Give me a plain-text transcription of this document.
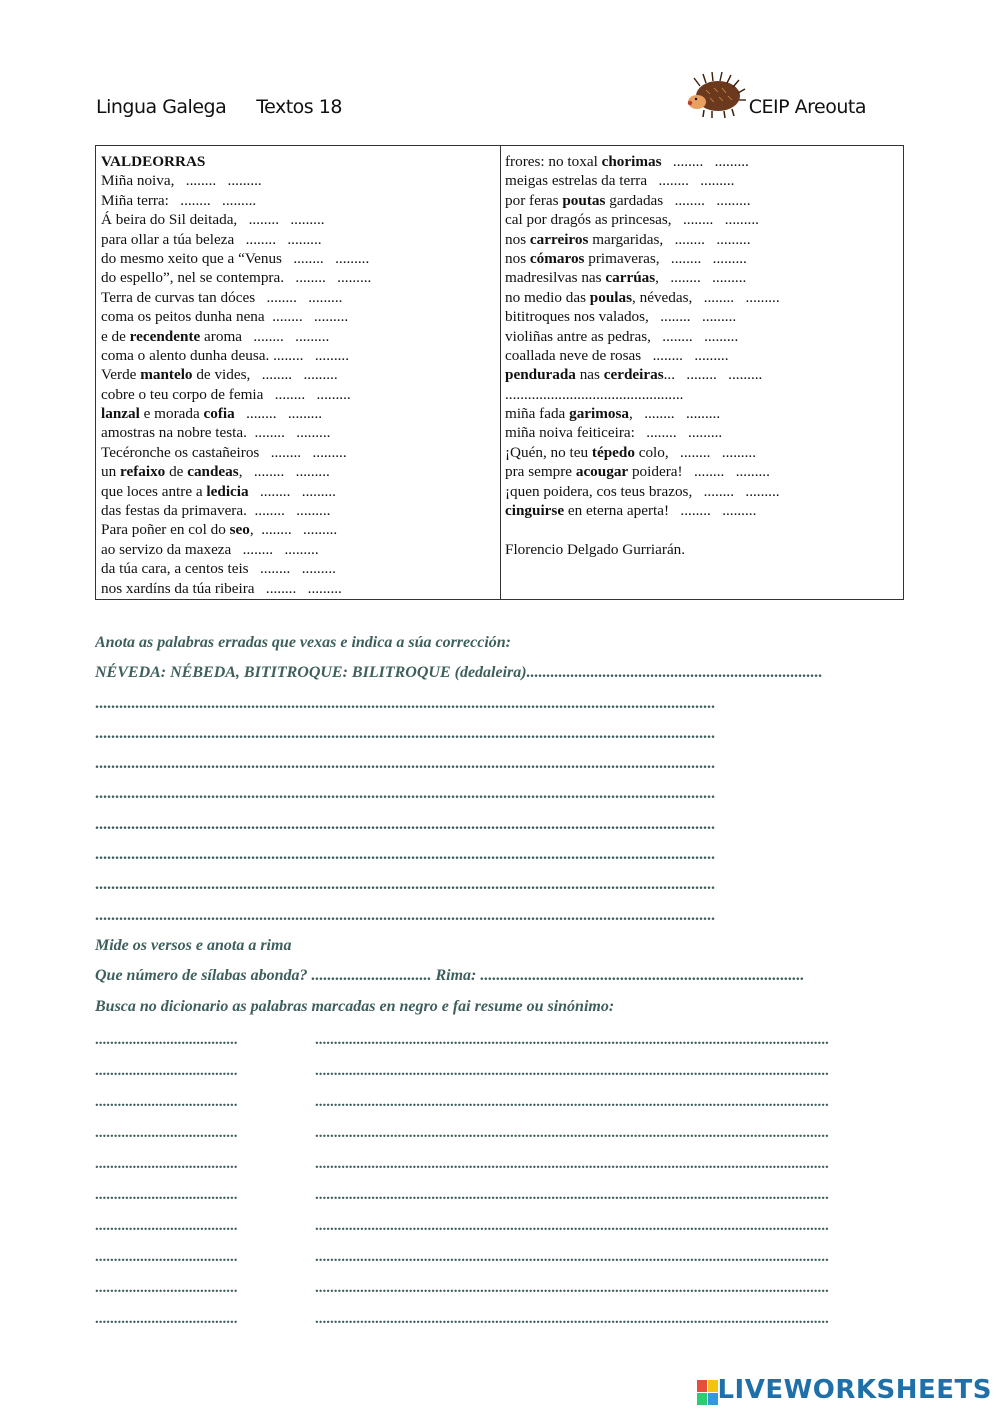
Lingua Galega Textos 18	CEIP Areouta
VALDEORRAS
Miña noiva,   ........   .........
Miña terra:   ........   .........
Á beira do Sil deitada,   ........   .........
para ollar a túa beleza   ........   .........
do mesmo xeito que a “Venus   ........   .........
do espello”, nel se contempra.   ........   .........
Terra de curvas tan dóces   ........   .........
coma os peitos dunha nena  ........   .........
e de recendente aroma   ........   .........
coma o alento dunha deusa. ........   .........
Verde mantelo de vides,   ........   .........
cobre o teu corpo de femia   ........   .........
lanzal e morada cofia   ........   .........
amostras na nobre testa.  ........   .........
Tecéronche os castañeiros   ........   .........
un refaixo de candeas,   ........   .........
que loces antre a ledicia   ........   .........
das festas da primavera.  ........   .........
Para poñer en col do seo,  ........   .........
ao servizo da maxeza   ........   .........
da túa cara, a centos teis   ........   .........
nos xardíns da túa ribeira   ........   .........
frores: no toxal chorimas   ........   .........
meigas estrelas da terra   ........   .........
por feras poutas gardadas   ........   .........
cal por dragós as princesas,   ........   .........
nos carreiros margaridas,   ........   .........
nos cómaros primaveras,   ........   .........
madresilvas nas carrúas,   ........   .........
no medio das poulas, névedas,   ........   .........
bititroques nos valados,   ........   .........
violiñas antre as pedras,   ........   .........
coallada neve de rosas   ........   .........
pendurada nas cerdeiras...   ........   .........
...............................................
miña fada garimosa,   ........   .........
miña noiva feiticeira:   ........   .........
¡Quén, no teu tépedo colo,   ........   .........
pra sempre acougar poidera!   ........   .........
¡quen poidera, cos teus brazos,   ........   .........
cinguirse en eterna aperta!   ........   .........
Florencio Delgado Gurriarán.
Anota as palabras erradas que vexas e indica a súa corrección:
NÉVEDA: NÉBEDA, BITITROQUE: BILITROQUE (dedaleira)..........................................................................
...........................................................................................................................................................
...........................................................................................................................................................
...........................................................................................................................................................
...........................................................................................................................................................
...........................................................................................................................................................
...........................................................................................................................................................
...........................................................................................................................................................
...........................................................................................................................................................
Mide os versos e anota a rima
Que número de sílabas abonda? .............................. Rima: .................................................................................
Busca no dicionario as palabras marcadas en negro e fai resume ou sinónimo:
......................................	.........................................................................................................................................
......................................	.........................................................................................................................................
......................................	.........................................................................................................................................
......................................	.........................................................................................................................................
......................................	.........................................................................................................................................
......................................	.........................................................................................................................................
......................................	.........................................................................................................................................
......................................	.........................................................................................................................................
......................................	.........................................................................................................................................
......................................	.........................................................................................................................................
LIVEWORKSHEETS
